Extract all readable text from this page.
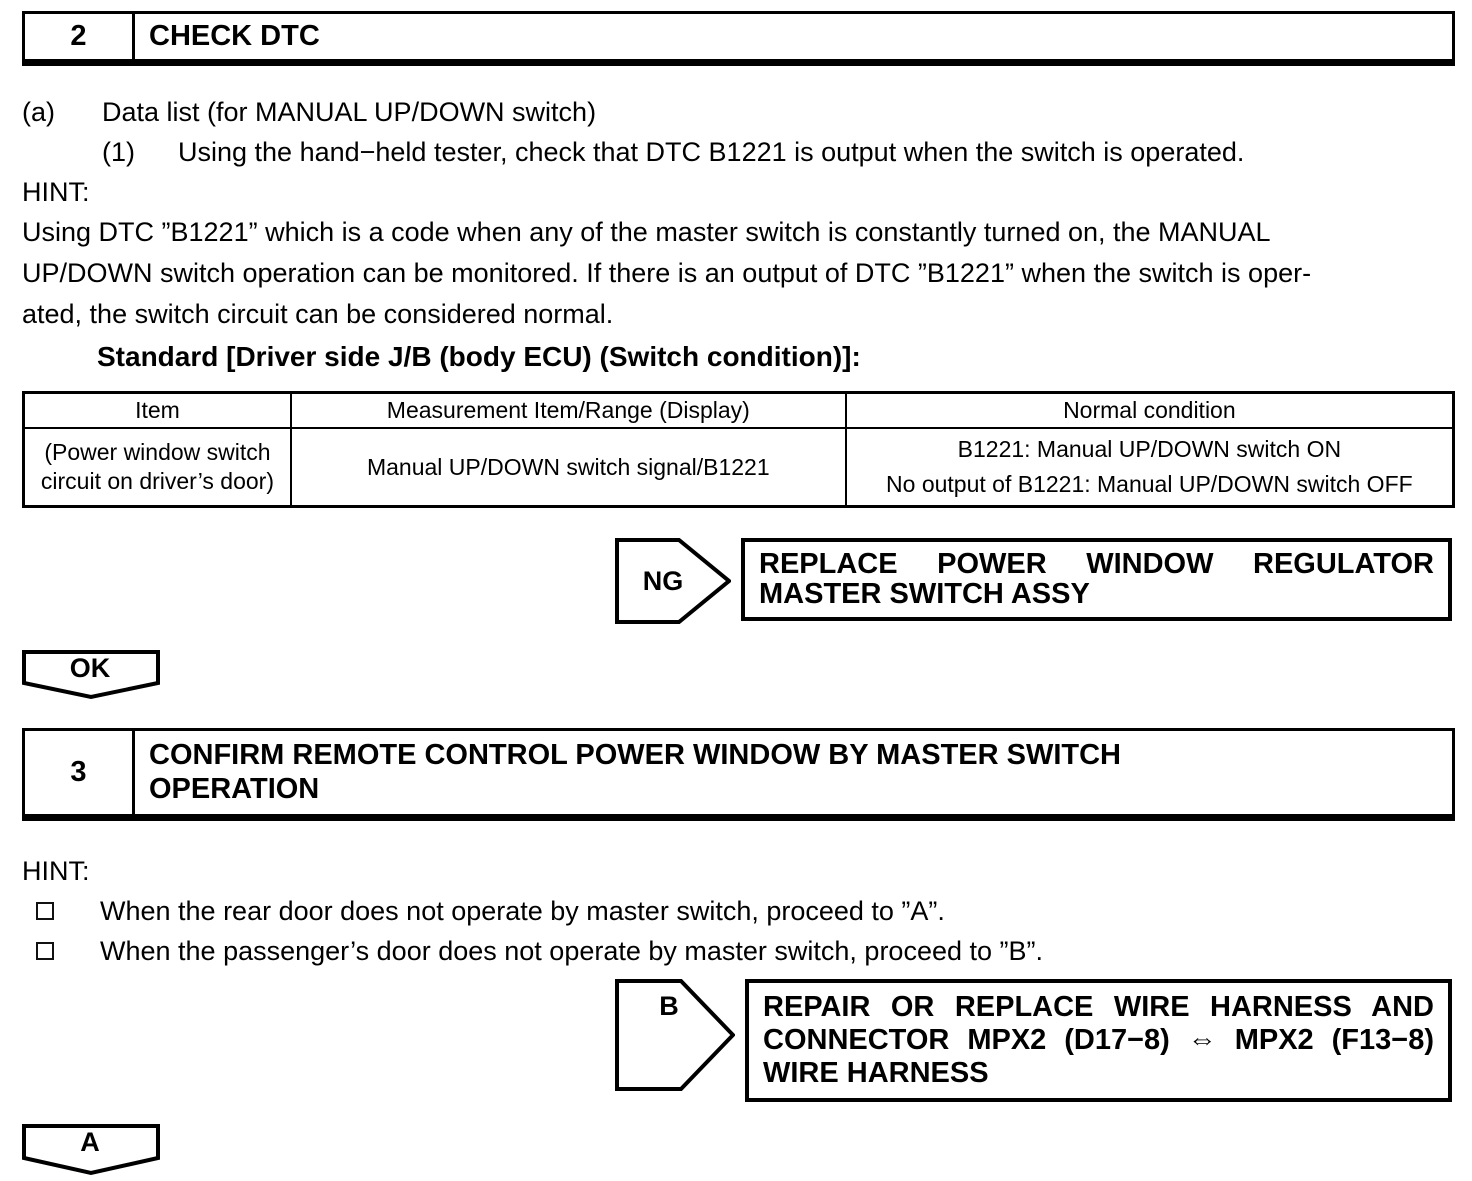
2	CHECK DTC
(a)	Data list (for MANUAL UP/DOWN switch)
(1)	Using the hand−held tester, check that DTC B1221 is output when the switch is operated.
HINT:
Using DTC ”B1221” which is a code when any of the master switch is constantly turned on, the MANUAL
UP/DOWN switch operation can be monitored. If there is an output of DTC ”B1221” when the switch is oper-
ated, the switch circuit can be considered normal.
Standard [Driver side J/B (body ECU) (Switch condition)]:
Item	Measurement Item/Range (Display)	Normal condition
(Power window switch circuit on driver’s door)	Manual UP/DOWN switch signal/B1221	B1221: Manual UP/DOWN switch ON
No output of B1221: Manual UP/DOWN switch OFF
NG
REPLACE POWER WINDOW REGULATOR
MASTER SWITCH ASSY
OK
3
CONFIRM REMOTE CONTROL POWER WINDOW BY MASTER SWITCH
OPERATION
HINT:
When the rear door does not operate by master switch, proceed to ”A”.
When the passenger’s door does not operate by master switch, proceed to ”B”.
B	REPAIR OR REPLACE WIRE HARNESS AND
CONNECTOR MPX2 (D17−8) ⇔ MPX2 (F13−8)
WIRE HARNESS
A
